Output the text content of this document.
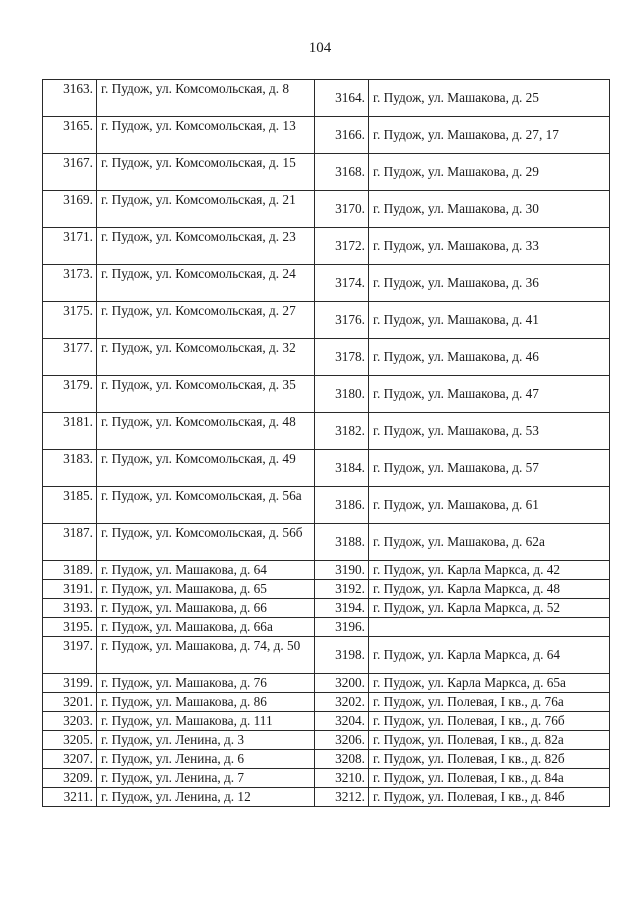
104
3163.	г. Пудож, ул. Комсомольская, д. 8	3164.	г. Пудож, ул. Машакова, д. 25
3165.	г. Пудож, ул. Комсомольская, д. 13	3166.	г. Пудож, ул. Машакова, д. 27, 17
3167.	г. Пудож, ул. Комсомольская, д. 15	3168.	г. Пудож, ул. Машакова, д. 29
3169.	г. Пудож, ул. Комсомольская, д. 21	3170.	г. Пудож, ул. Машакова, д. 30
3171.	г. Пудож, ул. Комсомольская, д. 23	3172.	г. Пудож, ул. Машакова, д. 33
3173.	г. Пудож, ул. Комсомольская, д. 24	3174.	г. Пудож, ул. Машакова, д. 36
3175.	г. Пудож, ул. Комсомольская, д. 27	3176.	г. Пудож, ул. Машакова, д. 41
3177.	г. Пудож, ул. Комсомольская, д. 32	3178.	г. Пудож, ул. Машакова, д. 46
3179.	г. Пудож, ул. Комсомольская, д. 35	3180.	г. Пудож, ул. Машакова, д. 47
3181.	г. Пудож, ул. Комсомольская, д. 48	3182.	г. Пудож, ул. Машакова, д. 53
3183.	г. Пудож, ул. Комсомольская, д. 49	3184.	г. Пудож, ул. Машакова, д. 57
3185.	г. Пудож, ул. Комсомольская, д. 56а	3186.	г. Пудож, ул. Машакова, д. 61
3187.	г. Пудож, ул. Комсомольская, д. 56б	3188.	г. Пудож, ул. Машакова, д. 62а
3189.	г. Пудож, ул. Машакова, д. 64	3190.	г. Пудож, ул. Карла Маркса, д. 42
3191.	г. Пудож, ул. Машакова, д. 65	3192.	г. Пудож, ул. Карла Маркса, д. 48
3193.	г. Пудож, ул. Машакова, д. 66	3194.	г. Пудож, ул. Карла Маркса, д. 52
3195.	г. Пудож, ул. Машакова, д. 66а	3196.	
3197.	г. Пудож, ул. Машакова, д. 74, д. 50	3198.	г. Пудож, ул. Карла Маркса, д. 64
3199.	г. Пудож, ул. Машакова, д. 76	3200.	г. Пудож, ул. Карла Маркса, д. 65а
3201.	г. Пудож, ул. Машакова, д. 86	3202.	г. Пудож, ул. Полевая, I кв., д. 76а
3203.	г. Пудож, ул. Машакова, д. 111	3204.	г. Пудож, ул. Полевая, I кв., д. 76б
3205.	г. Пудож, ул. Ленина, д. 3	3206.	г. Пудож, ул. Полевая, I кв., д. 82а
3207.	г. Пудож, ул. Ленина, д. 6	3208.	г. Пудож, ул. Полевая, I кв., д. 82б
3209.	г. Пудож, ул. Ленина, д. 7	3210.	г. Пудож, ул. Полевая, I кв., д. 84а
3211.	г. Пудож, ул. Ленина, д. 12	3212.	г. Пудож, ул. Полевая, I кв., д. 84б
